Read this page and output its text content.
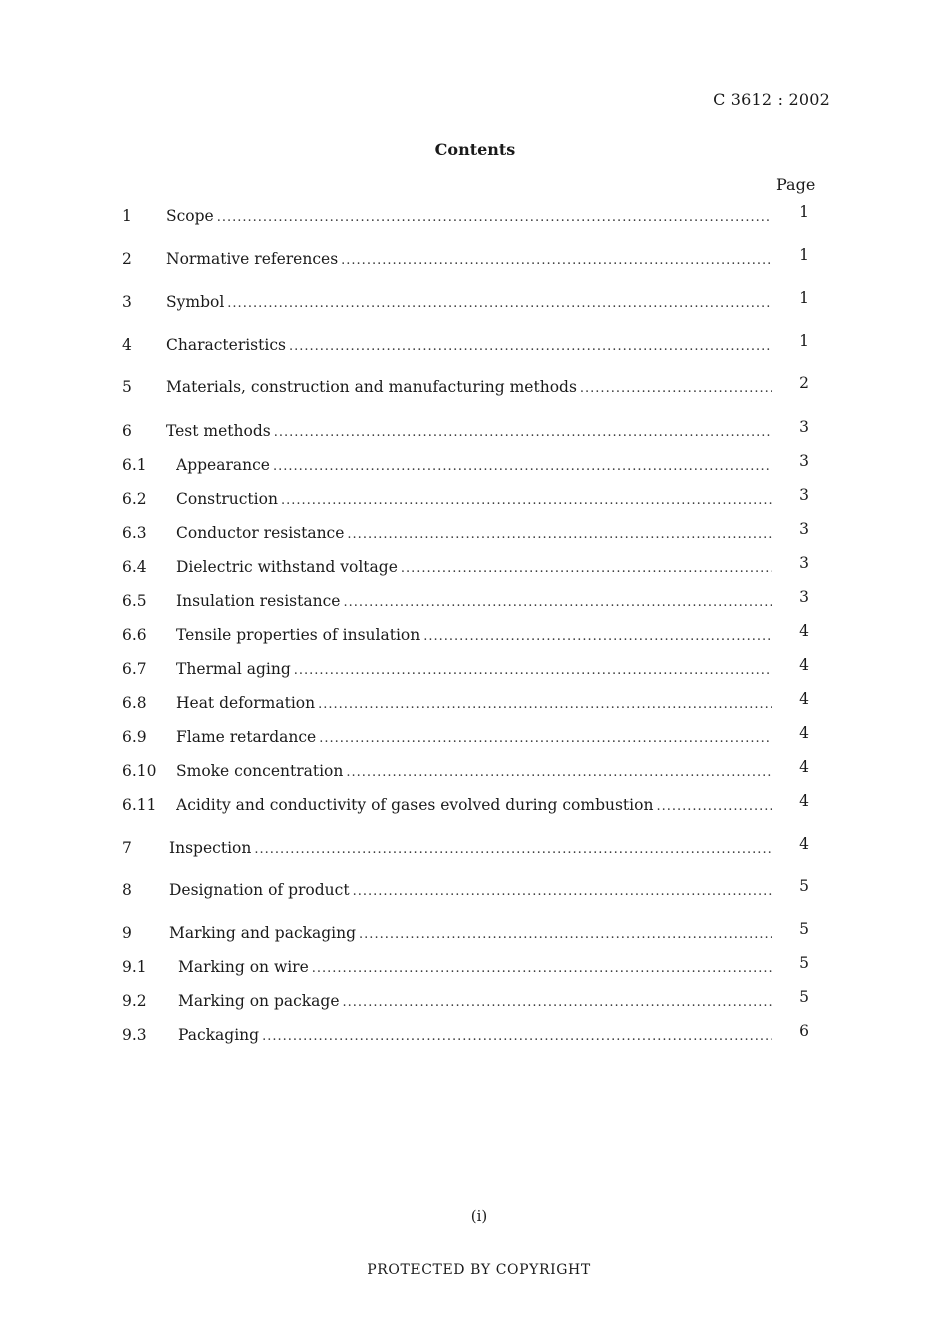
C 3612 : 2002
Contents
Page
1 Scope .....	1
2 Normative references .....	1
3 Symbol .....	1
4 Characteristics .....	1
5 Materials, construction and manufacturing methods .....	2
6 Test methods .....	3
6.1 Appearance .....	3
6.2 Construction .....	3
6.3 Conductor resistance .....	3
6.4 Dielectric withstand voltage .....	3
6.5 Insulation resistance .....	3
6.6 Tensile properties of insulation .....	4
6.7 Thermal aging .....	4
6.8 Heat deformation .....	4
6.9 Flame retardance .....	4
6.10 Smoke concentration .....	4
6.11 Acidity and conductivity of gases evolved during combustion .....	4
7 Inspection .....	4
8 Designation of product .....	5
9 Marking and packaging .....	5
9.1 Marking on wire .....	5
9.2 Marking on package .....	5
9.3 Packaging .....	6
(i)
PROTECTED BY COPYRIGHT
